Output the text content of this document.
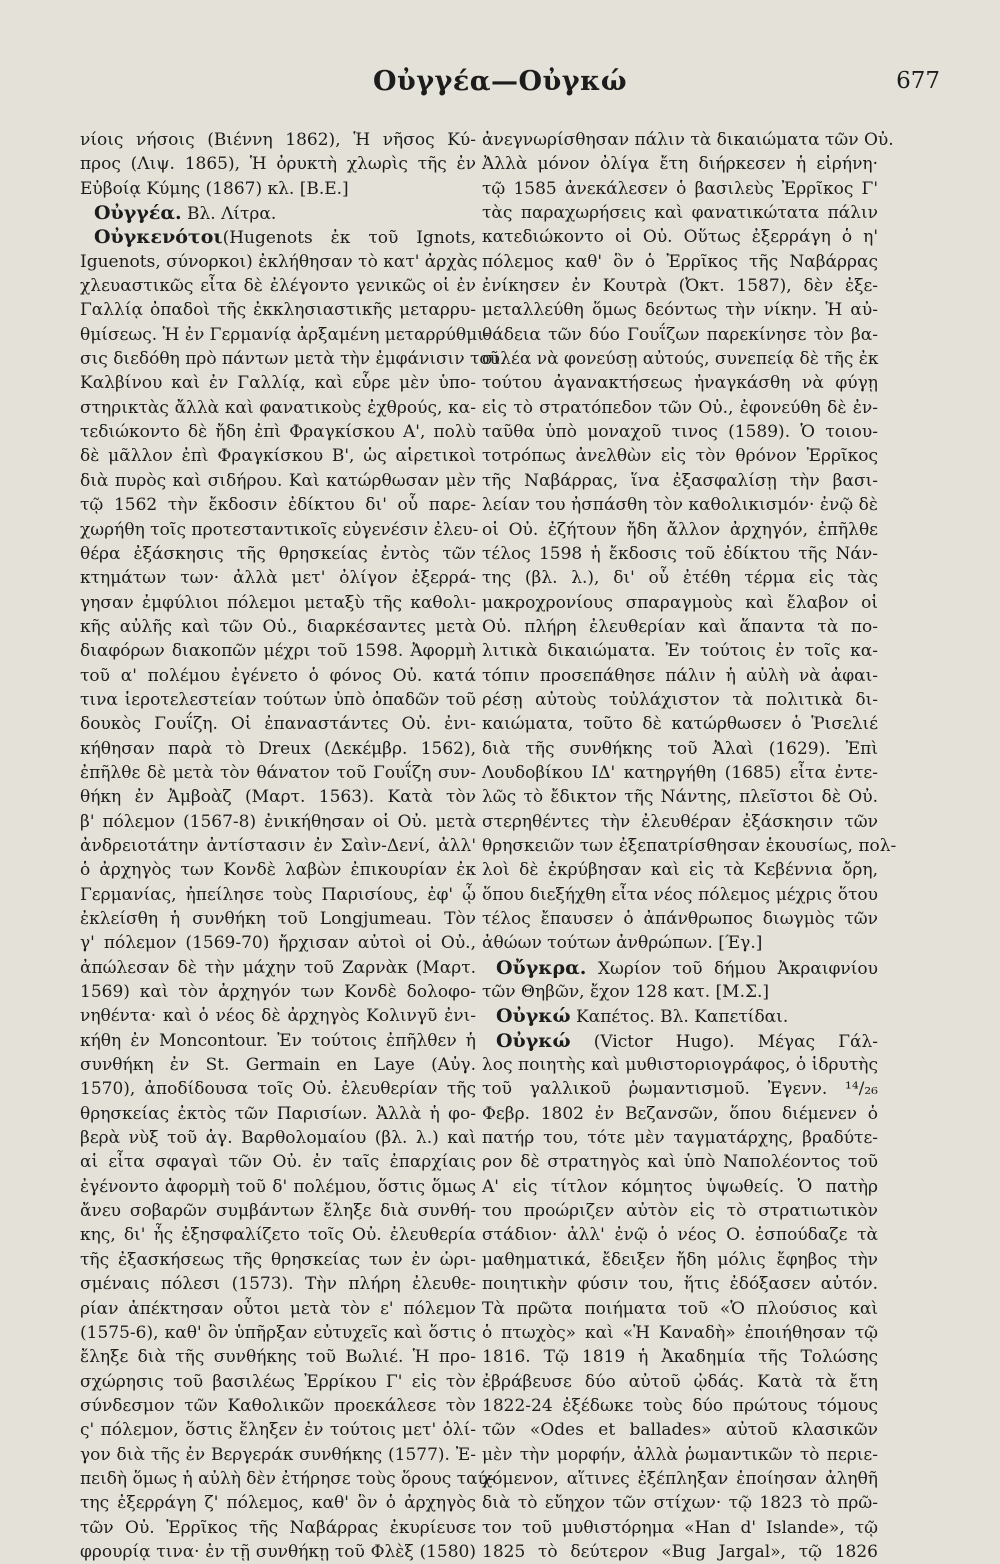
Οὐγγέα—Οὐγκώ	677
νίοις νήσοις (Βιέννη 1862), Ἡ νῆσος Κύ-
προς (Λιψ. 1865), Ἡ ὀρυκτὴ χλωρὶς τῆς ἐν
Εὐβοίᾳ Κύμης (1867) κλ. [Β.Ε.]
Οὐγγέα. Βλ. Λίτρα.
Οὐγκενότοι(Hugenots ἐκ τοῦ Ignots,
Iguenots, σύνορκοι) ἐκλήθησαν τὸ κατ' ἀρχὰς
χλευαστικῶς εἶτα δὲ ἐλέγοντο γενικῶς οἱ ἐν
Γαλλίᾳ ὀπαδοὶ τῆς ἐκκλησιαστικῆς μεταρρυ-
θμίσεως. Ἡ ἐν Γερμανίᾳ ἀρξαμένη μεταρρύθμι-
σις διεδόθη πρὸ πάντων μετὰ τὴν ἐμφάνισιν τοῦ
Καλβίνου καὶ ἐν Γαλλίᾳ, καὶ εὗρε μὲν ὑπο-
στηρικτὰς ἄλλὰ καὶ φανατικοὺς ἐχθρούς, κα-
τεδιώκοντο δὲ ἤδη ἐπὶ Φραγκίσκου Α', πολὺ
δὲ μᾶλλον ἐπὶ Φραγκίσκου Β', ὡς αἱρετικοὶ
διὰ πυρὸς καὶ σιδήρου. Καὶ κατώρθωσαν μὲν
τῷ 1562 τὴν ἔκδοσιν ἐδίκτου δι' οὗ παρε-
χωρήθη τοῖς προτεσταντικοῖς εὐγενέσιν ἐλευ-
θέρα ἐξάσκησις τῆς θρησκείας ἐντὸς τῶν
κτημάτων των· ἀλλὰ μετ' ὀλίγον ἐξερρά-
γησαν ἐμφύλιοι πόλεμοι μεταξὺ τῆς καθολι-
κῆς αὐλῆς καὶ τῶν Οὐ., διαρκέσαντες μετὰ
διαφόρων διακοπῶν μέχρι τοῦ 1598. Ἀφορμὴ
τοῦ α' πολέμου ἐγένετο ὁ φόνος Οὐ. κατά
τινα ἱεροτελεστείαν τούτων ὑπὸ ὀπαδῶν τοῦ
δουκὸς Γουΐζη. Οἱ ἐπαναστάντες Οὐ. ἐνι-
κήθησαν παρὰ τὸ Dreux (Δεκέμβρ. 1562),
ἐπῆλθε δὲ μετὰ τὸν θάνατον τοῦ Γουΐζη συν-
θήκη ἐν Ἀμβοὰζ (Μαρτ. 1563). Κατὰ τὸν
β' πόλεμον (1567-8) ἐνικήθησαν οἱ Οὐ. μετὰ
ἀνδρειοτάτην ἀντίστασιν ἐν Σαὶν-Δενί, ἀλλ'
ὁ ἀρχηγὸς των Κονδὲ λαβὼν ἐπικουρίαν ἐκ
Γερμανίας, ἠπείλησε τοὺς Παρισίους, ἐφ' ᾧ
ἐκλείσθη ἡ συνθήκη τοῦ Longjumeau. Τὸν
γ' πόλεμον (1569-70) ἤρχισαν αὐτοὶ οἱ Οὐ.,
ἀπώλεσαν δὲ τὴν μάχην τοῦ Ζαρνὰκ (Μαρτ.
1569) καὶ τὸν ἀρχηγόν των Κονδὲ δολοφο-
νηθέντα· καὶ ὁ νέος δὲ ἀρχηγὸς Κολινγῦ ἐνι-
κήθη ἐν Moncontour. Ἐν τούτοις ἐπῆλθεν ἡ
συνθήκη ἐν St. Germain en Laye (Αὐγ.
1570), ἀποδίδουσα τοῖς Οὐ. ἐλευθερίαν τῆς
θρησκείας ἐκτὸς τῶν Παρισίων. Ἀλλὰ ἡ φο-
βερὰ νὺξ τοῦ ἁγ. Βαρθολομαίου (βλ. λ.) καὶ
αἱ εἶτα σφαγαὶ τῶν Οὐ. ἐν ταῖς ἐπαρχίαις
ἐγένοντο ἀφορμὴ τοῦ δ' πολέμου, ὅστις ὅμως
ἄνευ σοβαρῶν συμβάντων ἔληξε διὰ συνθή-
κης, δι' ἧς ἐξησφαλίζετο τοῖς Οὐ. ἐλευθερία
τῆς ἐξασκήσεως τῆς θρησκείας των ἐν ὡρι-
σμέναις πόλεσι (1573). Τὴν πλήρη ἐλευθε-
ρίαν ἀπέκτησαν οὗτοι μετὰ τὸν ε' πόλεμον
(1575-6), καθ' ὃν ὑπῆρξαν εὐτυχεῖς καὶ ὅστις
ἔληξε διὰ τῆς συνθήκης τοῦ Βωλιέ. Ἡ προ-
σχώρησις τοῦ βασιλέως Ἐρρίκου Γ' εἰς τὸν
σύνδεσμον τῶν Καθολικῶν προεκάλεσε τὸν
ς' πόλεμον, ὅστις ἔληξεν ἐν τούτοις μετ' ὀλί-
γον διὰ τῆς ἐν Βεργεράκ συνθήκης (1577). Ἐ-
πειδὴ ὅμως ἡ αὐλὴ δὲν ἐτήρησε τοὺς ὅρους ταύ-
της ἐξερράγη ζ' πόλεμος, καθ' ὃν ὁ ἀρχηγὸς
τῶν Οὐ. Ἐρρῖκος τῆς Ναβάρρας ἐκυρίευσε
φρουρίᾳ τινα· ἐν τῇ συνθήκῃ τοῦ Φλὲξ (1580)
ἀνεγνωρίσθησαν πάλιν τὰ δικαιώματα τῶν Οὐ.
Ἀλλὰ μόνον ὀλίγα ἔτη διήρκεσεν ἡ εἰρήνη·
τῷ 1585 ἀνεκάλεσεν ὁ βασιλεὺς Ἐρρῖκος Γ'
τὰς παραχωρήσεις καὶ φανατικώτατα πάλιν
κατεδιώκοντο οἱ Οὐ. Οὕτως ἐξερράγη ὁ η'
πόλεμος καθ' ὃν ὁ Ἐρρῖκος τῆς Ναβάρρας
ἐνίκησεν ἐν Κουτρὰ (Ὀκτ. 1587), δὲν ἐξε-
μεταλλεύθη ὅμως δεόντως τὴν νίκην. Ἡ αὐ-
θάδεια τῶν δύο Γουΐζων παρεκίνησε τὸν βα-
σιλέα νὰ φονεύσῃ αὐτούς, συνεπείᾳ δὲ τῆς ἐκ
τούτου ἀγανακτήσεως ἠναγκάσθη νὰ φύγῃ
εἰς τὸ στρατόπεδον τῶν Οὐ., ἐφονεύθη δὲ ἐν-
ταῦθα ὑπὸ μοναχοῦ τινος (1589). Ὁ τοιου-
τοτρόπως ἀνελθὼν εἰς τὸν θρόνον Ἐρρῖκος
τῆς Ναβάρρας, ἵνα ἐξασφαλίσῃ τὴν βασι-
λείαν του ἠσπάσθη τὸν καθολικισμόν· ἐνῷ δὲ
οἱ Οὐ. ἐζήτουν ἤδη ἄλλον ἀρχηγόν, ἐπῆλθε
τέλος 1598 ἡ ἔκδοσις τοῦ ἐδίκτου τῆς Νάν-
της (βλ. λ.), δι' οὗ ἐτέθη τέρμα εἰς τὰς
μακροχρονίους σπαραγμοὺς καὶ ἔλαβον οἱ
Οὐ. πλήρη ἐλευθερίαν καὶ ἅπαντα τὰ πο-
λιτικὰ δικαιώματα. Ἐν τούτοις ἐν τοῖς κα-
τόπιν προσεπάθησε πάλιν ἡ αὐλὴ νὰ ἀφαι-
ρέσῃ αὐτοὺς τοὐλάχιστον τὰ πολιτικὰ δι-
καιώματα, τοῦτο δὲ κατώρθωσεν ὁ Ῥισελιέ
διὰ τῆς συνθήκης τοῦ Ἀλαὶ (1629). Ἐπὶ
Λουδοβίκου ΙΔ' κατηργήθη (1685) εἶτα ἐντε-
λῶς τὸ ἔδικτον τῆς Νάντης, πλεῖστοι δὲ Οὐ.
στερηθέντες τὴν ἐλευθέραν ἐξάσκησιν τῶν
θρησκειῶν των ἐξεπατρίσθησαν ἑκουσίως, πολ-
λοὶ δὲ ἐκρύβησαν καὶ εἰς τὰ Κεβέννια ὄρη,
ὅπου διεξήχθη εἶτα νέος πόλεμος μέχρις ὅτου
τέλος ἔπαυσεν ὁ ἀπάνθρωπος διωγμὸς τῶν
ἀθώων τούτων ἀνθρώπων. [Έγ.]
Οὔγκρα. Χωρίον τοῦ δήμου Ἀκραιφνίου
τῶν Θηβῶν, ἔχον 128 κατ. [Μ.Σ.]
Οὐγκώ Καπέτος. Βλ. Καπετίδαι.
Οὐγκώ (Victor Hugo). Μέγας Γάλ-
λος ποιητὴς καὶ μυθιστοριογράφος, ὁ ἱδρυτὴς
τοῦ γαλλικοῦ ῥωμαντισμοῦ. Ἐγενν. ¹⁴/₂₆
Φεβρ. 1802 ἐν Βεζανσῶν, ὅπου διέμενεν ὁ
πατήρ του, τότε μὲν ταγματάρχης, βραδύτε-
ρον δὲ στρατηγὸς καὶ ὑπὸ Ναπολέοντος τοῦ
Α' εἰς τίτλον κόμητος ὑψωθείς. Ὁ πατὴρ
του προώριζεν αὐτὸν εἰς τὸ στρατιωτικὸν
στάδιον· ἀλλ' ἐνῷ ὁ νέος Ο. ἐσπούδαζε τὰ
μαθηματικά, ἔδειξεν ἤδη μόλις ἔφηβος τὴν
ποιητικὴν φύσιν του, ἥτις ἐδόξασεν αὐτόν.
Τὰ πρῶτα ποιήματα τοῦ «Ὁ πλούσιος καὶ
ὁ πτωχὸς» καὶ «Ἡ Καναδὴ» ἐποιήθησαν τῷ
1816. Τῷ 1819 ἡ Ἀκαδημία τῆς Τολώσης
ἐβράβευσε δύο αὐτοῦ ᾠδάς. Κατὰ τὰ ἔτη
1822-24 ἐξέδωκε τοὺς δύο πρώτους τόμους
τῶν «Odes et ballades» αὐτοῦ κλασικῶν
μὲν τὴν μορφήν, ἀλλὰ ῥωμαντικῶν τὸ περιε-
χόμενον, αἵτινες ἐξέπληξαν ἐποίησαν ἀληθῆ
διὰ τὸ εὔηχον τῶν στίχων· τῷ 1823 τὸ πρῶ-
τον τοῦ μυθιστόρημα «Han d' Islande», τῷ
1825 τὸ δεύτερον «Bug Jargal», τῷ 1826
